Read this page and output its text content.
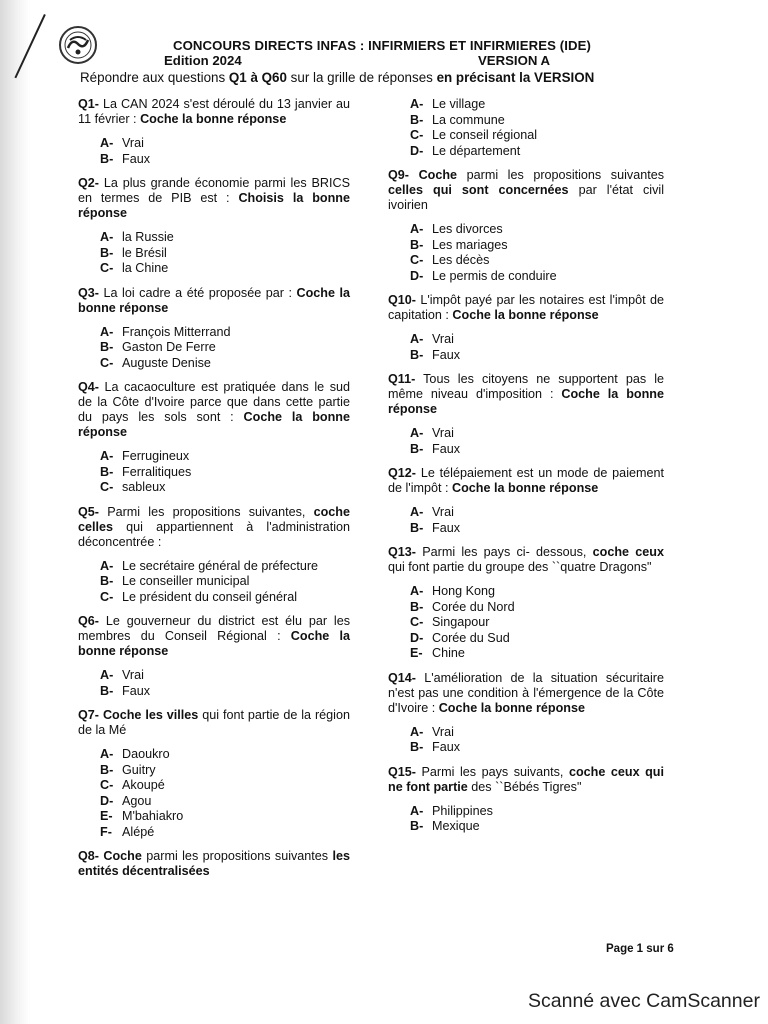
CONCOURS DIRECTS INFAS : INFIRMIERS ET INFIRMIERES (IDE)
Edition 2024	VERSION A
Répondre aux questions Q1 à Q60 sur la grille de réponses en précisant la VERSION
Q1- La CAN 2024 s'est déroulé du 13 janvier au 11 février : Coche la bonne réponse
A- Vrai
B- Faux
Q2- La plus grande économie parmi les BRICS en termes de PIB est : Choisis la bonne réponse
A- la Russie
B- le Brésil
C- la Chine
Q3- La loi cadre a été proposée par : Coche la bonne réponse
A- François Mitterrand
B- Gaston De Ferre
C- Auguste Denise
Q4- La cacaoculture est pratiquée dans le sud de la Côte d'Ivoire parce que dans cette partie du pays les sols sont : Coche la bonne réponse
A- Ferrugineux
B- Ferralitiques
C- sableux
Q5- Parmi les propositions suivantes, coche celles qui appartiennent à l'administration déconcentrée :
A- Le secrétaire général de préfecture
B- Le conseiller municipal
C- Le président du conseil général
Q6- Le gouverneur du district est élu par les membres du Conseil Régional : Coche la bonne réponse
A- Vrai
B- Faux
Q7- Coche les villes qui font partie de la région de la Mé
A- Daoukro
B- Guitry
C- Akoupé
D- Agou
E- M'bahiakro
F- Alépé
Q8- Coche parmi les propositions suivantes les entités décentralisées
A- Le village
B- La commune
C- Le conseil régional
D- Le département
Q9- Coche parmi les propositions suivantes celles qui sont concernées par l'état civil ivoirien
A- Les divorces
B- Les mariages
C- Les décès
D- Le permis de conduire
Q10- L'impôt payé par les notaires est l'impôt de capitation : Coche la bonne réponse
A- Vrai
B- Faux
Q11- Tous les citoyens ne supportent pas le même niveau d'imposition : Coche la bonne réponse
A- Vrai
B- Faux
Q12- Le télépaiement est un mode de paiement de l'impôt : Coche la bonne réponse
A- Vrai
B- Faux
Q13- Parmi les pays ci- dessous, coche ceux qui font partie du groupe des ``quatre Dragons"
A- Hong Kong
B- Corée du Nord
C- Singapour
D- Corée du Sud
E- Chine
Q14- L'amélioration de la situation sécuritaire n'est pas une condition à l'émergence de la Côte d'Ivoire : Coche la bonne réponse
A- Vrai
B- Faux
Q15- Parmi les pays suivants, coche ceux qui ne font partie des ``Bébés Tigres"
A- Philippines
B- Mexique
Page 1 sur 6
Scanné avec CamScanner
